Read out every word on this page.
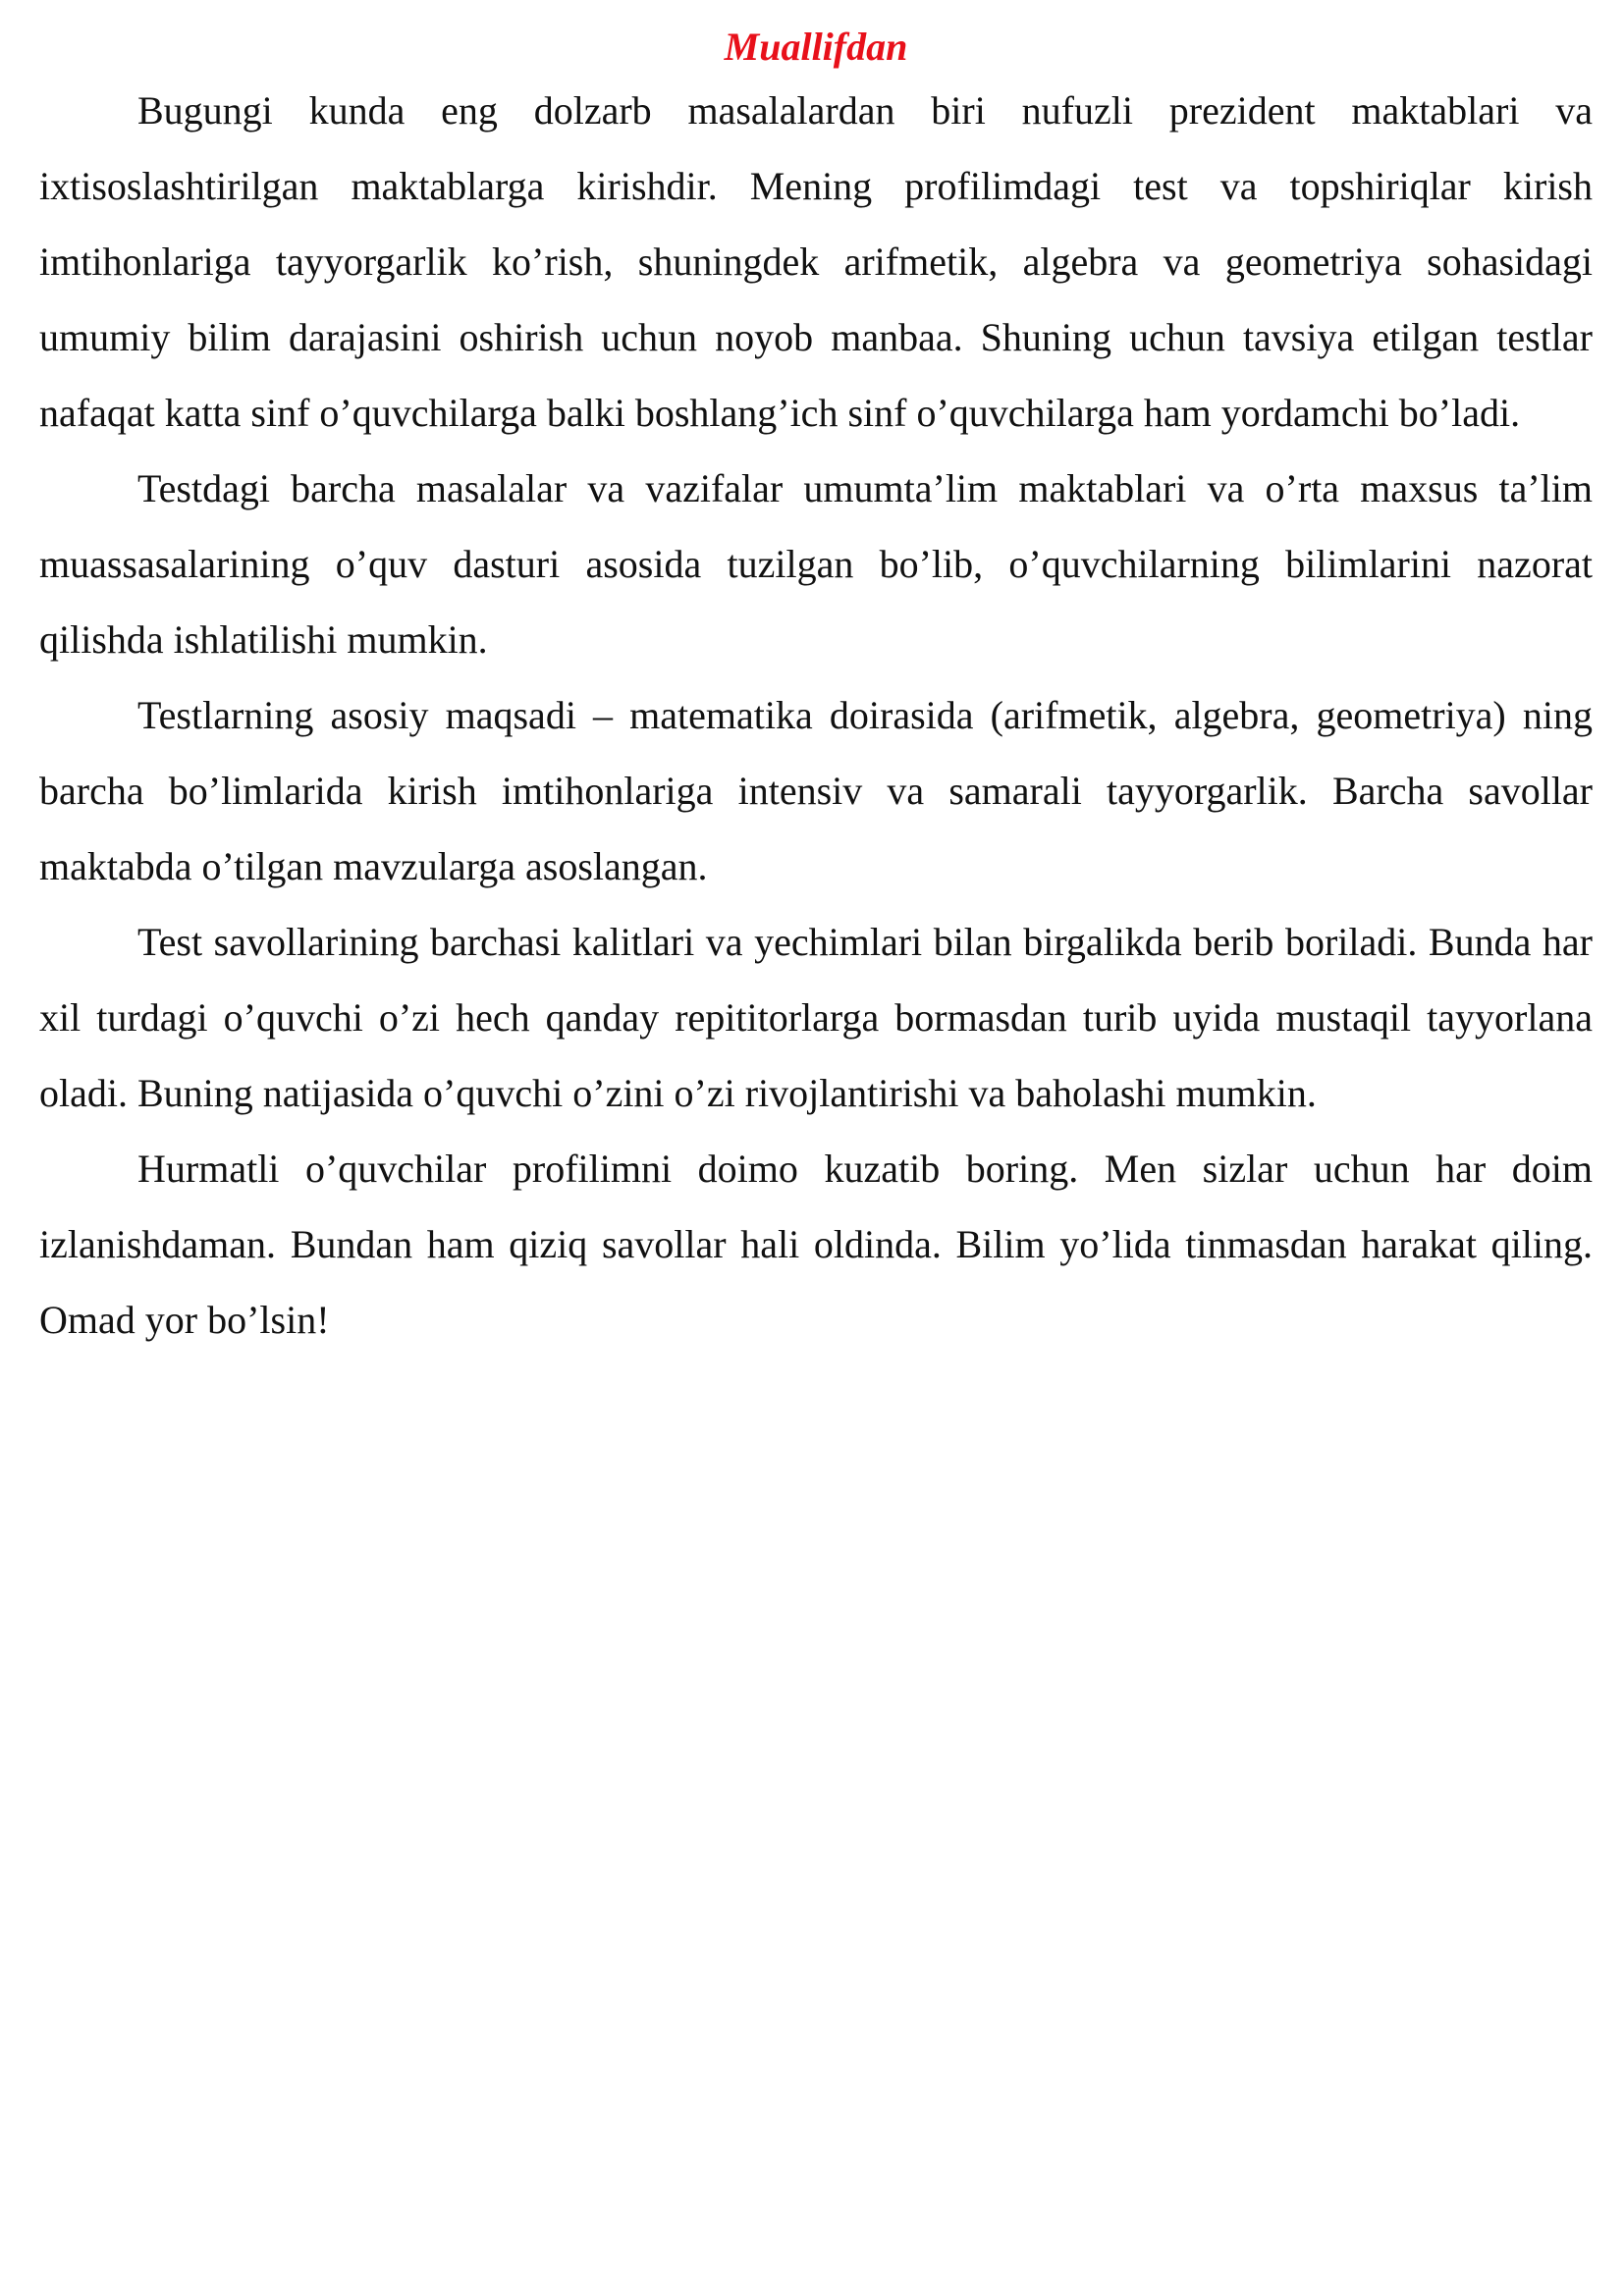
Muallifdan

Bugungi kunda eng dolzarb masalalardan biri nufuzli prezident maktablari va ixtisoslashtirilgan maktablarga kirishdir. Mening profilimdagi test va topshiriqlar kirish imtihonlariga tayyorgarlik ko’rish, shuningdek arifmetik, algebra va geometriya sohasidagi umumiy bilim darajasini oshirish uchun noyob manbaa. Shuning uchun tavsiya etilgan testlar nafaqat katta sinf o’quvchilarga balki boshlang’ich sinf o’quvchilarga ham yordamchi bo’ladi.

Testdagi barcha masalalar va vazifalar umumta’lim maktablari va o’rta maxsus ta’lim muassasalarining o’quv dasturi asosida tuzilgan bo’lib, o’quvchilarning bilimlarini nazorat qilishda ishlatilishi mumkin.

Testlarning asosiy maqsadi – matematika doirasida (arifmetik, algebra, geometriya) ning barcha bo’limlarida kirish imtihonlariga intensiv va samarali tayyorgarlik. Barcha savollar maktabda o’tilgan mavzularga asoslangan.

Test savollarining barchasi kalitlari va yechimlari bilan birgalikda berib boriladi. Bunda har xil turdagi o’quvchi o’zi hech qanday repititorlarga bormasdan turib uyida mustaqil tayyorlana oladi. Buning natijasida o’quvchi o’zini o’zi rivojlantirishi va baholashi mumkin.

Hurmatli o’quvchilar profilimni doimo kuzatib boring. Men sizlar uchun har doim izlanishdaman. Bundan ham qiziq savollar hali oldinda. Bilim yo’lida tinmasdan harakat qiling. Omad yor bo’lsin!
